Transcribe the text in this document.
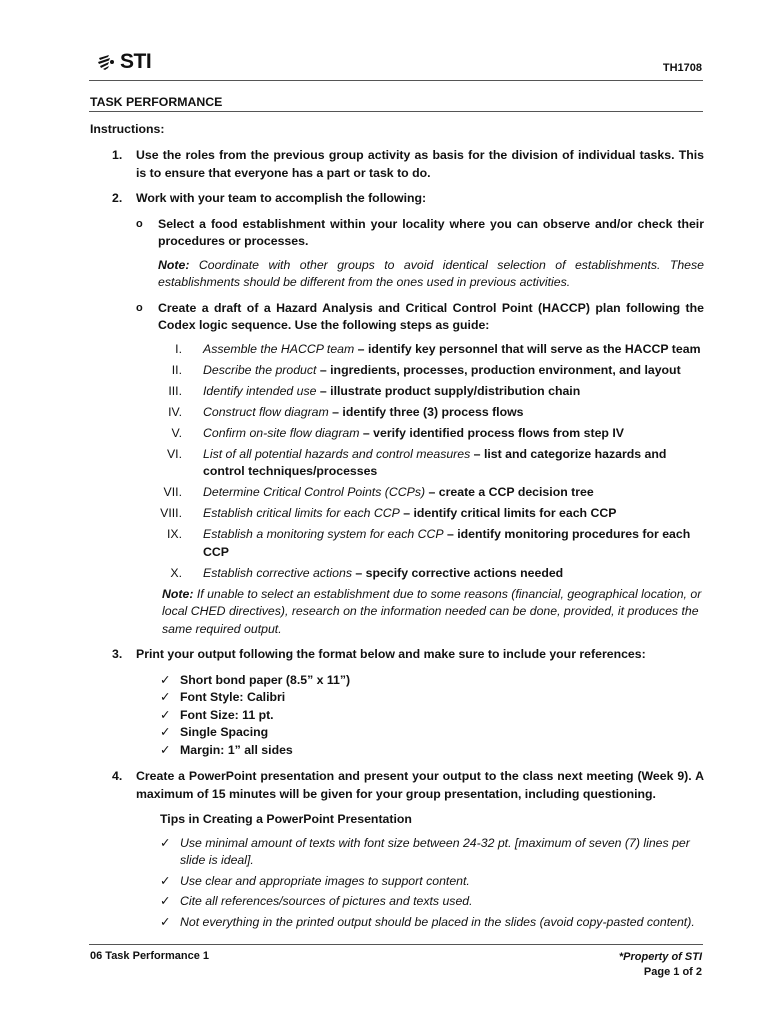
STI	TH1708
TASK PERFORMANCE
Instructions:
1. Use the roles from the previous group activity as basis for the division of individual tasks. This is to ensure that everyone has a part or task to do.
2. Work with your team to accomplish the following:
o Select a food establishment within your locality where you can observe and/or check their procedures or processes.
Note: Coordinate with other groups to avoid identical selection of establishments. These establishments should be different from the ones used in previous activities.
o Create a draft of a Hazard Analysis and Critical Control Point (HACCP) plan following the Codex logic sequence. Use the following steps as guide:
I. Assemble the HACCP team – identify key personnel that will serve as the HACCP team
II. Describe the product – ingredients, processes, production environment, and layout
III. Identify intended use – illustrate product supply/distribution chain
IV. Construct flow diagram – identify three (3) process flows
V. Confirm on-site flow diagram – verify identified process flows from step IV
VI. List of all potential hazards and control measures – list and categorize hazards and control techniques/processes
VII. Determine Critical Control Points (CCPs) – create a CCP decision tree
VIII. Establish critical limits for each CCP – identify critical limits for each CCP
IX. Establish a monitoring system for each CCP – identify monitoring procedures for each CCP
X. Establish corrective actions – specify corrective actions needed
Note: If unable to select an establishment due to some reasons (financial, geographical location, or local CHED directives), research on the information needed can be done, provided, it produces the same required output.
3. Print your output following the format below and make sure to include your references:
✓ Short bond paper (8.5” x 11”)
✓ Font Style: Calibri
✓ Font Size: 11 pt.
✓ Single Spacing
✓ Margin: 1” all sides
4. Create a PowerPoint presentation and present your output to the class next meeting (Week 9). A maximum of 15 minutes will be given for your group presentation, including questioning.
Tips in Creating a PowerPoint Presentation
✓ Use minimal amount of texts with font size between 24-32 pt. [maximum of seven (7) lines per slide is ideal].
✓ Use clear and appropriate images to support content.
✓ Cite all references/sources of pictures and texts used.
✓ Not everything in the printed output should be placed in the slides (avoid copy-pasted content).
06 Task Performance 1	*Property of STI
Page 1 of 2
